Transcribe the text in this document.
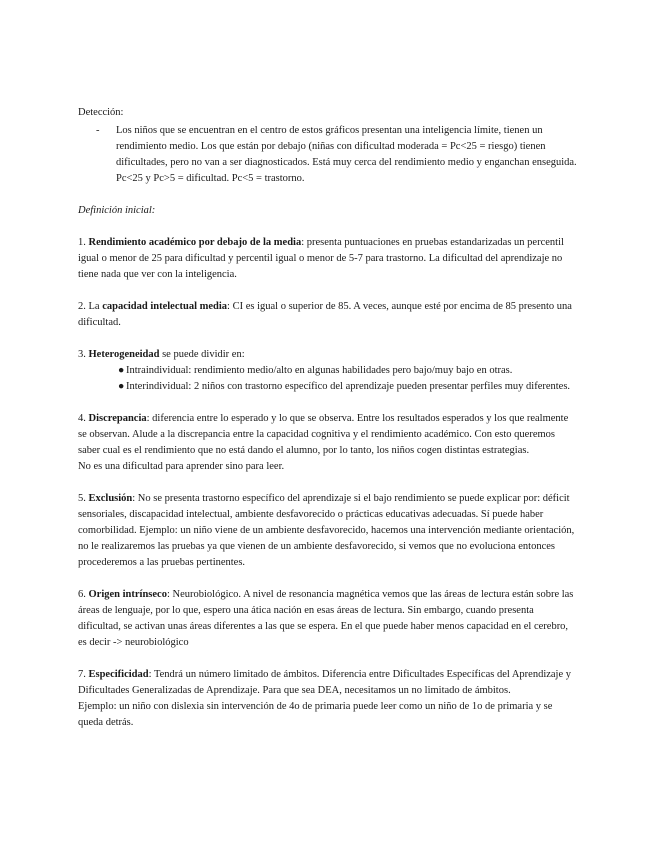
Detección:

- Los niños que se encuentran en el centro de estos gráficos presentan una inteligencia límite, tienen un rendimiento medio. Los que están por debajo (niñas con dificultad moderada = Pc<25 = riesgo) tienen dificultades, pero no van a ser diagnosticados. Está muy cerca del rendimiento medio y enganchan enseguida. Pc<25 y Pc>5 = dificultad. Pc<5 = trastorno.

Definición inicial:

1. Rendimiento académico por debajo de la media: presenta puntuaciones en pruebas estandarizadas un percentil igual o menor de 25 para dificultad y percentil igual o menor de 5-7 para trastorno. La dificultad del aprendizaje no tiene nada que ver con la inteligencia.

2. La capacidad intelectual media: CI es igual o superior de 85. A veces, aunque esté por encima de 85 presento una dificultad.

3. Heterogeneidad se puede dividir en:

● Intraindividual: rendimiento medio/alto en algunas habilidades pero bajo/muy bajo en otras.
● Interindividual: 2 niños con trastorno específico del aprendizaje pueden presentar perfiles muy diferentes.

4. Discrepancia: diferencia entre lo esperado y lo que se observa. Entre los resultados esperados y los que realmente se observan. Alude a la discrepancia entre la capacidad cognitiva y el rendimiento académico. Con esto queremos saber cual es el rendimiento que no está dando el alumno, por lo tanto, los niños cogen distintas estrategias.

No es una dificultad para aprender sino para leer.

5. Exclusión: No se presenta trastorno específico del aprendizaje si el bajo rendimiento se puede explicar por: déficit sensoriales, discapacidad intelectual, ambiente desfavorecido o prácticas educativas adecuadas. Sí puede haber comorbilidad. Ejemplo: un niño viene de un ambiente desfavorecido, hacemos una intervención mediante orientación, no le realizaremos las pruebas ya que vienen de un ambiente desfavorecido, si vemos que no evoluciona entonces procederemos a las pruebas pertinentes.

6. Origen intrínseco: Neurobiológico. A nivel de resonancia magnética vemos que las áreas de lectura están sobre las áreas de lenguaje, por lo que, espero una ática nación en esas áreas de lectura. Sin embargo, cuando presenta dificultad, se activan unas áreas diferentes a las que se espera. En el que puede haber menos capacidad en el cerebro, es decir -> neurobiológico

7. Especificidad: Tendrá un número limitado de ámbitos. Diferencia entre Dificultades Específicas del Aprendizaje y Dificultades Generalizadas de Aprendizaje. Para que sea DEA, necesitamos un no limitado de ámbitos.

Ejemplo: un niño con dislexia sin intervención de 4o de primaria puede leer como un niño de 1o de primaria y se queda detrás.
